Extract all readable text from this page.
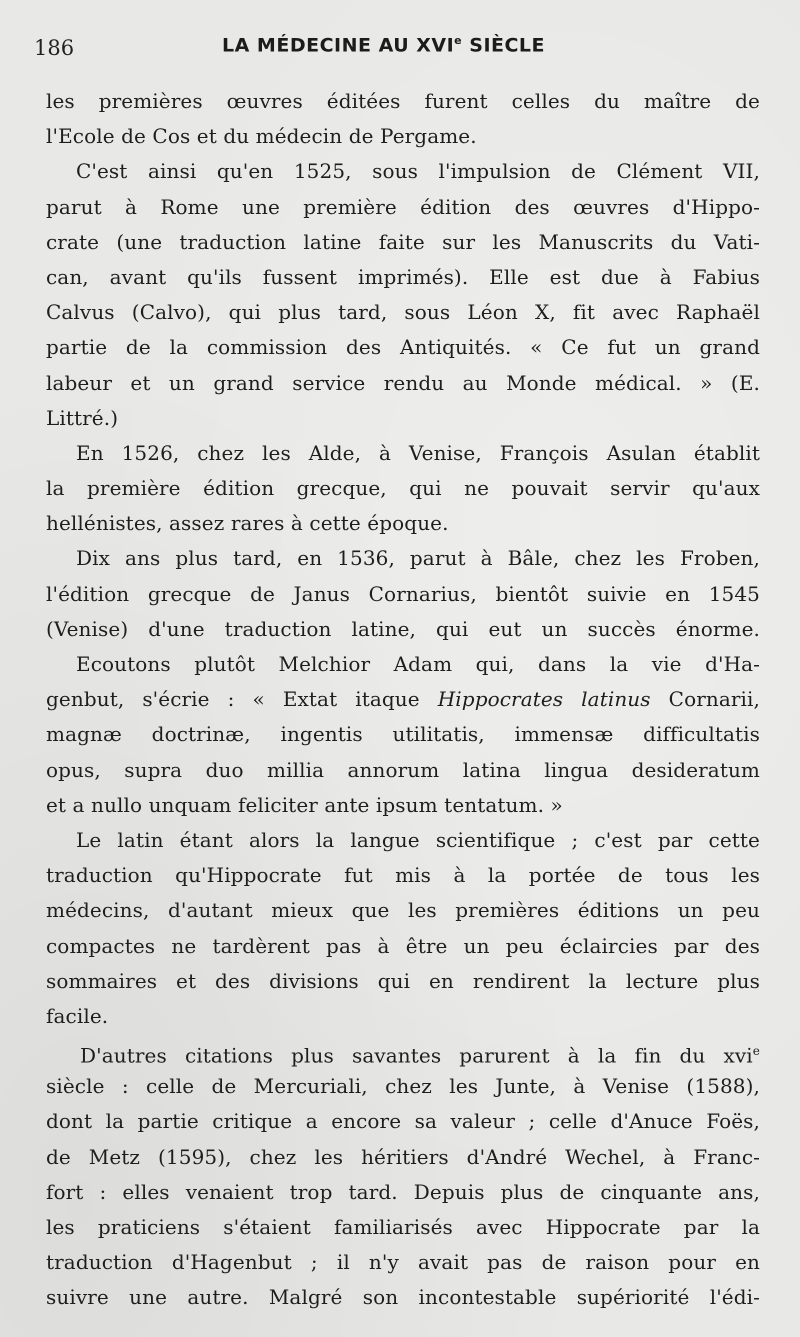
186	LA MÉDECINE AU XVIe SIÈCLE
les premières œuvres éditées furent celles du maître de
l'Ecole de Cos et du médecin de Pergame.
C'est ainsi qu'en 1525, sous l'impulsion de Clément VII,
parut à Rome une première édition des œuvres d'Hippo-
crate (une traduction latine faite sur les Manuscrits du Vati-
can, avant qu'ils fussent imprimés). Elle est due à Fabius
Calvus (Calvo), qui plus tard, sous Léon X, fit avec Raphaël
partie de la commission des Antiquités. « Ce fut un grand
labeur et un grand service rendu au Monde médical. » (E.
Littré.)
En 1526, chez les Alde, à Venise, François Asulan établit
la première édition grecque, qui ne pouvait servir qu'aux
hellénistes, assez rares à cette époque.
Dix ans plus tard, en 1536, parut à Bâle, chez les Froben,
l'édition grecque de Janus Cornarius, bientôt suivie en 1545
(Venise) d'une traduction latine, qui eut un succès énorme.
Ecoutons plutôt Melchior Adam qui, dans la vie d'Ha-
genbut, s'écrie : « Extat itaque Hippocrates latinus Cornarii,
magnæ doctrinæ, ingentis utilitatis, immensæ difficultatis
opus, supra duo millia annorum latina lingua desideratum
et a nullo unquam feliciter ante ipsum tentatum. »
Le latin étant alors la langue scientifique ; c'est par cette
traduction qu'Hippocrate fut mis à la portée de tous les
médecins, d'autant mieux que les premières éditions un peu
compactes ne tardèrent pas à être un peu éclaircies par des
sommaires et des divisions qui en rendirent la lecture plus
facile.
D'autres citations plus savantes parurent à la fin du xvi$^e$
siècle : celle de Mercuriali, chez les Junte, à Venise (1588),
dont la partie critique a encore sa valeur ; celle d'Anuce Foës,
de Metz (1595), chez les héritiers d'André Wechel, à Franc-
fort : elles venaient trop tard. Depuis plus de cinquante ans,
les praticiens s'étaient familiarisés avec Hippocrate par la
traduction d'Hagenbut ; il n'y avait pas de raison pour en
suivre une autre. Malgré son incontestable supériorité l'édi-
